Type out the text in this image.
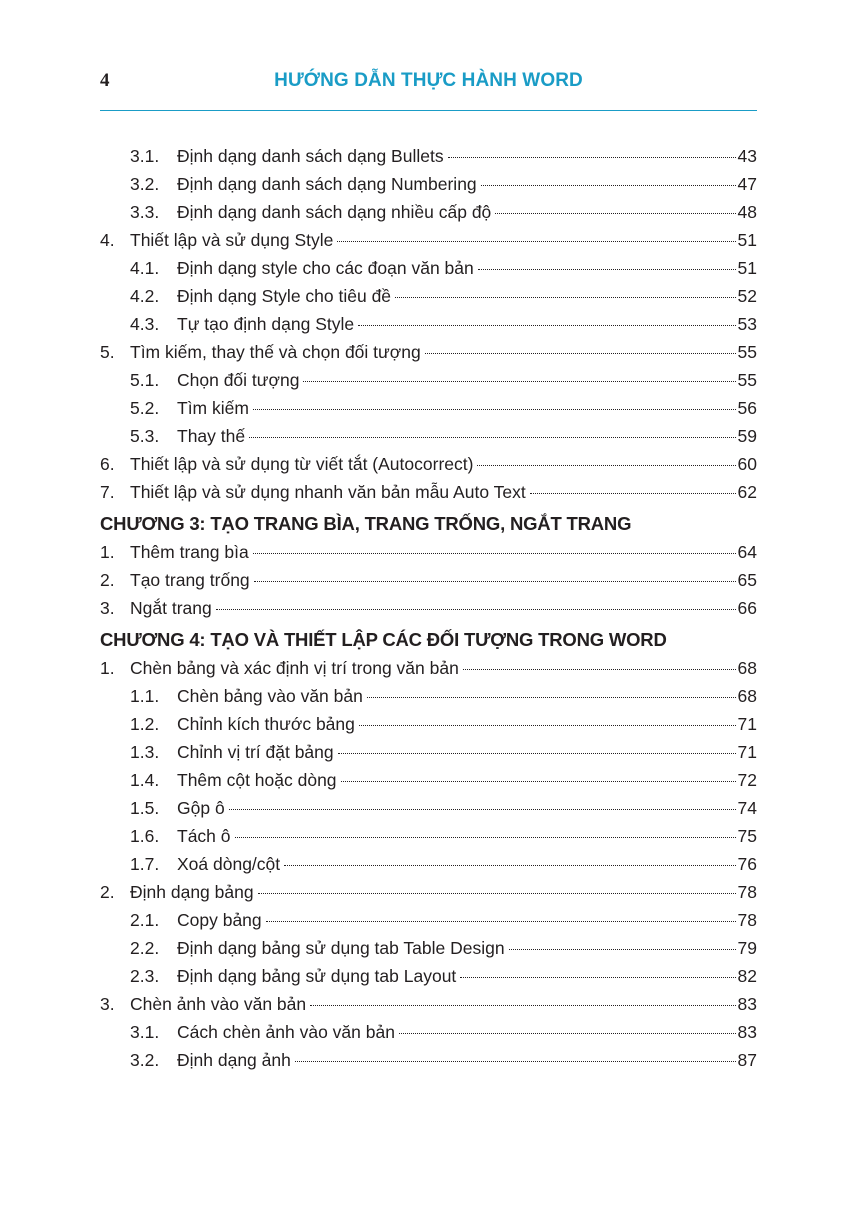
4	HƯỚNG DẪN THỰC HÀNH WORD
3.1.	Định dạng danh sách dạng Bullets	43
3.2.	Định dạng danh sách dạng Numbering	47
3.3.	Định dạng danh sách dạng nhiều cấp độ	48
4. Thiết lập và sử dụng Style	51
4.1.	Định dạng style cho các đoạn văn bản	51
4.2.	Định dạng Style cho tiêu đề	52
4.3.	Tự tạo định dạng Style	53
5. Tìm kiếm, thay thế và chọn đối tượng	55
5.1.	Chọn đối tượng	55
5.2.	Tìm kiếm	56
5.3.	Thay thế	59
6. Thiết lập và sử dụng từ viết tắt (Autocorrect)	60
7. Thiết lập và sử dụng nhanh văn bản mẫu Auto Text	62
CHƯƠNG 3: TẠO TRANG BÌA, TRANG TRỐNG, NGẮT TRANG
1. Thêm trang bìa	64
2. Tạo trang trống	65
3. Ngắt trang	66
CHƯƠNG 4: TẠO VÀ THIẾT LẬP CÁC ĐỐI TƯỢNG TRONG WORD
1. Chèn bảng và xác định vị trí trong văn bản	68
1.1.	Chèn bảng vào văn bản	68
1.2.	Chỉnh kích thước bảng	71
1.3.	Chỉnh vị trí đặt bảng	71
1.4.	Thêm cột hoặc dòng	72
1.5.	Gộp ô	74
1.6.	Tách ô	75
1.7.	Xoá dòng/cột	76
2. Định dạng bảng	78
2.1.	Copy bảng	78
2.2.	Định dạng bảng sử dụng tab Table Design	79
2.3.	Định dạng bảng sử dụng tab Layout	82
3. Chèn ảnh vào văn bản	83
3.1.	Cách chèn ảnh vào văn bản	83
3.2.	Định dạng ảnh	87
